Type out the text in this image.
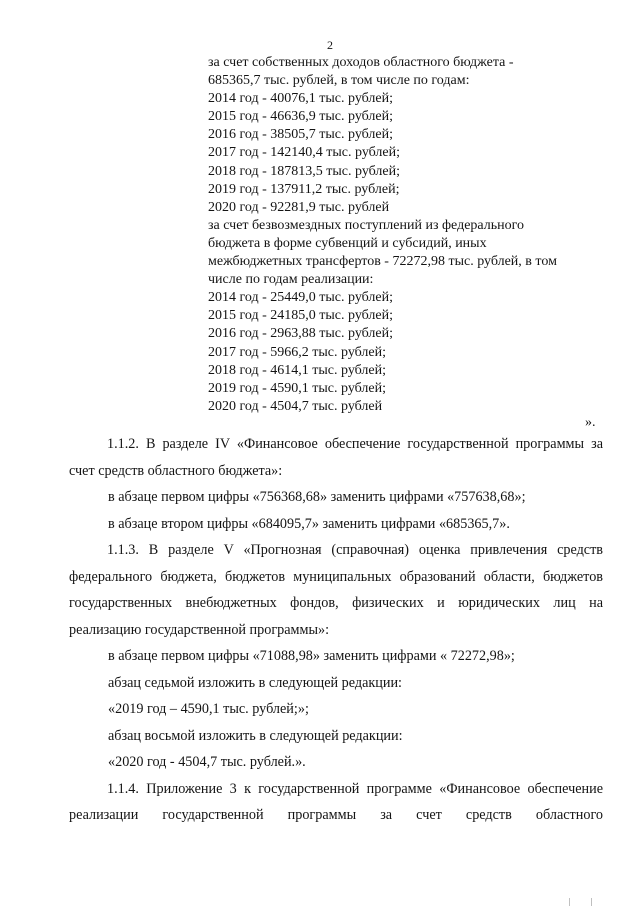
2
за счет собственных доходов областного бюджета -
685365,7 тыс. рублей, в том числе по годам:
2014 год - 40076,1 тыс. рублей;
2015 год - 46636,9 тыс. рублей;
2016 год - 38505,7 тыс. рублей;
2017 год - 142140,4 тыс. рублей;
2018 год - 187813,5 тыс. рублей;
2019 год - 137911,2 тыс. рублей;
2020 год - 92281,9 тыс. рублей
за счет безвозмездных поступлений из федерального
бюджета в форме субвенций и субсидий, иных
межбюджетных трансфертов - 72272,98 тыс. рублей, в том
числе по годам реализации:
2014 год - 25449,0 тыс. рублей;
2015 год - 24185,0 тыс. рублей;
2016 год - 2963,88 тыс. рублей;
2017 год - 5966,2 тыс. рублей;
2018 год - 4614,1 тыс. рублей;
2019 год - 4590,1 тыс. рублей;
2020 год - 4504,7 тыс. рублей
».

1.1.2. В разделе IV «Финансовое обеспечение государственной программы за счет средств областного бюджета»:

в абзаце первом цифры «756368,68» заменить цифрами «757638,68»;

в абзаце втором цифры «684095,7» заменить цифрами «685365,7».

1.1.3. В разделе V «Прогнозная (справочная) оценка привлечения средств федерального бюджета, бюджетов муниципальных образований области, бюджетов государственных внебюджетных фондов, физических и юридических лиц на реализацию государственной программы»:

в абзаце первом цифры «71088,98» заменить цифрами « 72272,98»;

абзац седьмой изложить в следующей редакции:

«2019 год – 4590,1 тыс. рублей;»;

абзац восьмой изложить в следующей редакции:

«2020 год - 4504,7 тыс. рублей.».

1.1.4. Приложение 3 к государственной программе «Финансовое обеспечение реализации государственной программы за счет средств областного

| |
